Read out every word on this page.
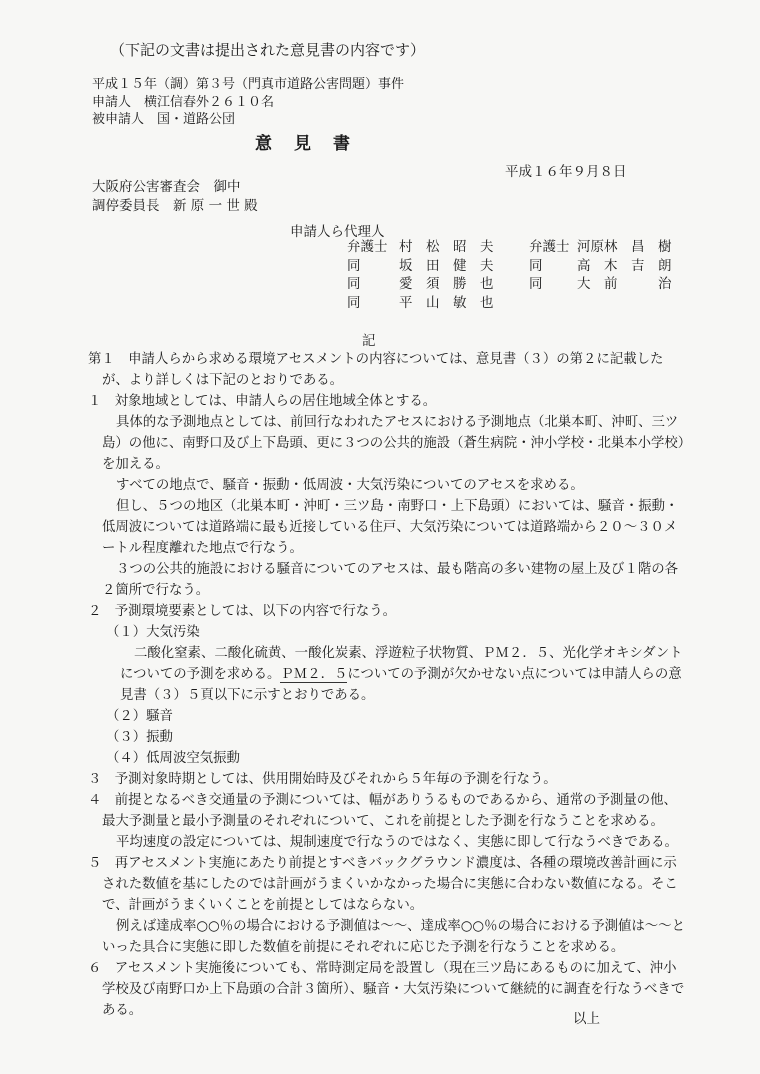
（下記の文書は提出された意見書の内容です）
平成１５年（調）第３号（門真市道路公害問題）事件
申請人　横江信春外２６１０名
被申請人　国・道路公団
意見書
平成１６年９月８日
大阪府公害審査会　御中
調停委員長　新 原 一 世 殿
申請人ら代理人
弁護士 村　松　昭　夫	弁護士 河原林　昌　樹
同	坂　田　健　夫	同	高　木　吉　朗
同	愛　須　勝　也	同	大　前　　　治
同	平　山　敏　也
記

第１　申請人らから求める環境アセスメントの内容については、意見書（３）の第２に記載したが、より詳しくは下記のとおりである。

１　対象地域としては、申請人らの居住地域全体とする。

具体的な予測地点としては、前回行なわれたアセスにおける予測地点（北巣本町、沖町、三ツ島）の他に、南野口及び上下島頭、更に３つの公共的施設（蒼生病院・沖小学校・北巣本小学校）を加える。

すべての地点で、騒音・振動・低周波・大気汚染についてのアセスを求める。

但し、５つの地区（北巣本町・沖町・三ツ島・南野口・上下島頭）においては、騒音・振動・低周波については道路端に最も近接している住戸、大気汚染については道路端から２０～３０メートル程度離れた地点で行なう。

３つの公共的施設における騒音についてのアセスは、最も階高の多い建物の屋上及び１階の各２箇所で行なう。

２　予測環境要素としては、以下の内容で行なう。

（１）大気汚染

二酸化窒素、二酸化硫黄、一酸化炭素、浮遊粒子状物質、ＰＭ２．５、光化学オキシダントについての予測を求める。ＰＭ２．５についての予測が欠かせない点については申請人らの意見書（３）５頁以下に示すとおりである。

（２）騒音

（３）振動

（４）低周波空気振動

３　予測対象時期としては、供用開始時及びそれから５年毎の予測を行なう。

４　前提となるべき交通量の予測については、幅がありうるものであるから、通常の予測量の他、最大予測量と最小予測量のそれぞれについて、これを前提とした予測を行なうことを求める。

平均速度の設定については、規制速度で行なうのではなく、実態に即して行なうべきである。

５　再アセスメント実施にあたり前提とすべきバックグラウンド濃度は、各種の環境改善計画に示された数値を基にしたのでは計画がうまくいかなかった場合に実態に合わない数値になる。そこで、計画がうまくいくことを前提としてはならない。

例えば達成率○○％の場合における予測値は～～、達成率○○％の場合における予測値は～～といった具合に実態に即した数値を前提にそれぞれに応じた予測を行なうことを求める。

６　アセスメント実施後についても、常時測定局を設置し（現在三ツ島にあるものに加えて、沖小学校及び南野口か上下島頭の合計３箇所）、騒音・大気汚染について継続的に調査を行なうべきである。

以上
